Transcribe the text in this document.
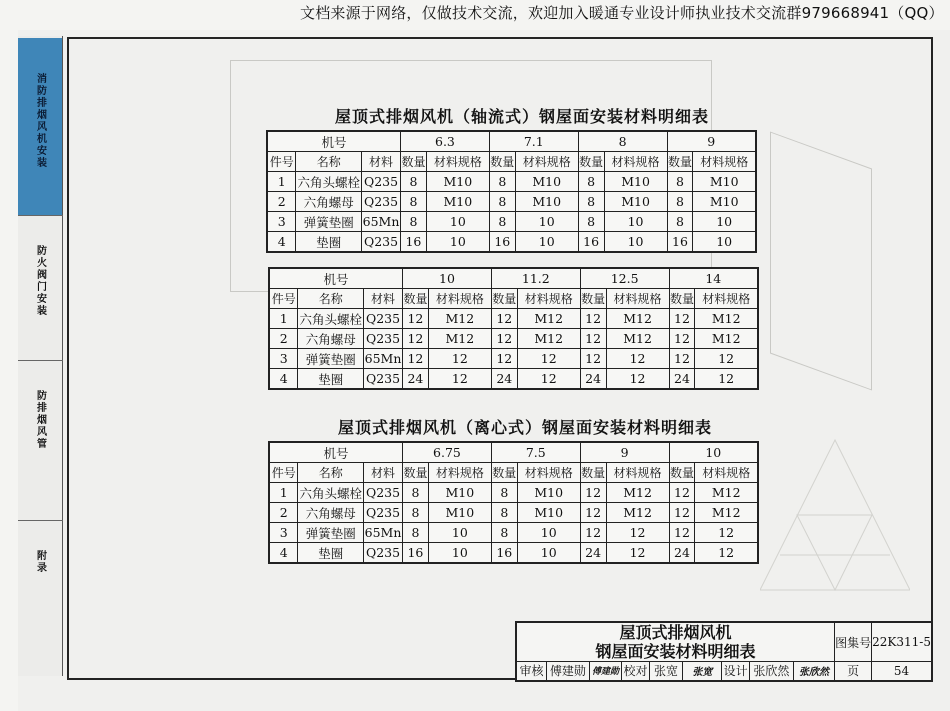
文档来源于网络，仅做技术交流，欢迎加入暖通专业设计师执业技术交流群979668941（QQ）
消防排烟风机安装
防火阀门安装
防排烟风管
附录
屋顶式排烟风机（轴流式）钢屋面安装材料明细表
机号			6.3		7.1		8		9	
件号	名称	材料	数量	材料规格	数量	材料规格	数量	材料规格	数量	材料规格
1	六角头螺栓	Q235	8	M10	8	M10	8	M10	8	M10
2	六角螺母	Q235	8	M10	8	M10	8	M10	8	M10
3	弹簧垫圈	65Mn	8	10	8	10	8	10	8	10
4	垫圈	Q235	16	10	16	10	16	10	16	10
机号			10		11.2		12.5		14	
件号	名称	材料	数量	材料规格	数量	材料规格	数量	材料规格	数量	材料规格
1	六角头螺栓	Q235	12	M12	12	M12	12	M12	12	M12
2	六角螺母	Q235	12	M12	12	M12	12	M12	12	M12
3	弹簧垫圈	65Mn	12	12	12	12	12	12	12	12
4	垫圈	Q235	24	12	24	12	24	12	24	12
屋顶式排烟风机（离心式）钢屋面安装材料明细表
机号			6.75		7.5		9		10	
件号	名称	材料	数量	材料规格	数量	材料规格	数量	材料规格	数量	材料规格
1	六角头螺栓	Q235	8	M10	8	M10	12	M12	12	M12
2	六角螺母	Q235	8	M10	8	M10	12	M12	12	M12
3	弹簧垫圈	65Mn	8	10	8	10	12	12	12	12
4	垫圈	Q235	16	10	16	10	24	12	24	12
屋顶式排烟风机
钢屋面安装材料明细表									图集号	22K311-5
审核	傅建勋	傅建勋	校对	张宽	张宽	设计	张欣然	张欣然	页	54
